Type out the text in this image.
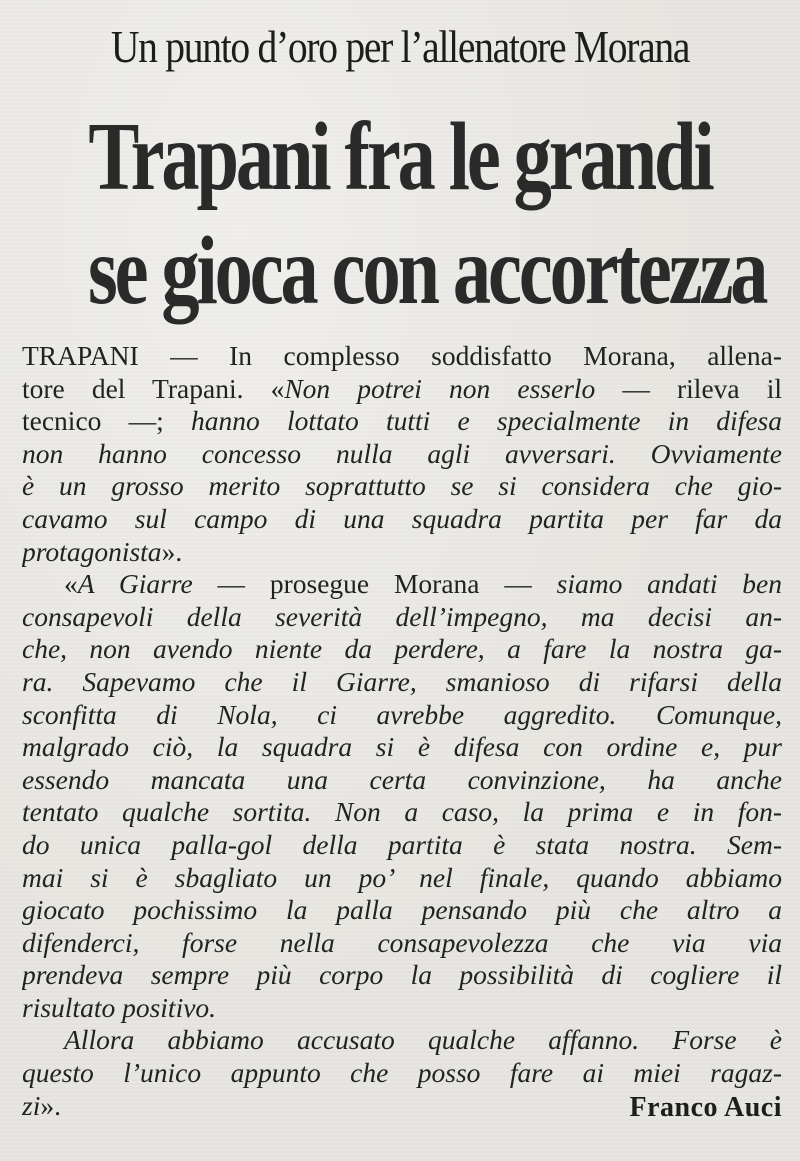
Un punto d’oro per l’allenatore Morana
Trapani fra le grandi
se gioca con accortezza
TRAPANI — In complesso soddisfatto Morana, allena-
tore del Trapani. «Non potrei non esserlo — rileva il
tecnico —; hanno lottato tutti e specialmente in difesa
non hanno concesso nulla agli avversari. Ovviamente
è un grosso merito soprattutto se si considera che gio-
cavamo sul campo di una squadra partita per far da
protagonista».
«A Giarre — prosegue Morana — siamo andati ben
consapevoli della severità dell’impegno, ma decisi an-
che, non avendo niente da perdere, a fare la nostra ga-
ra. Sapevamo che il Giarre, smanioso di rifarsi della
sconfitta di Nola, ci avrebbe aggredito. Comunque,
malgrado ciò, la squadra si è difesa con ordine e, pur
essendo mancata una certa convinzione, ha anche
tentato qualche sortita. Non a caso, la prima e in fon-
do unica palla-gol della partita è stata nostra. Sem-
mai si è sbagliato un po’ nel finale, quando abbiamo
giocato pochissimo la palla pensando più che altro a
difenderci, forse nella consapevolezza che via via
prendeva sempre più corpo la possibilità di cogliere il
risultato positivo.
Allora abbiamo accusato qualche affanno. Forse è
questo l’unico appunto che posso fare ai miei ragaz-
zi».	Franco Auci
